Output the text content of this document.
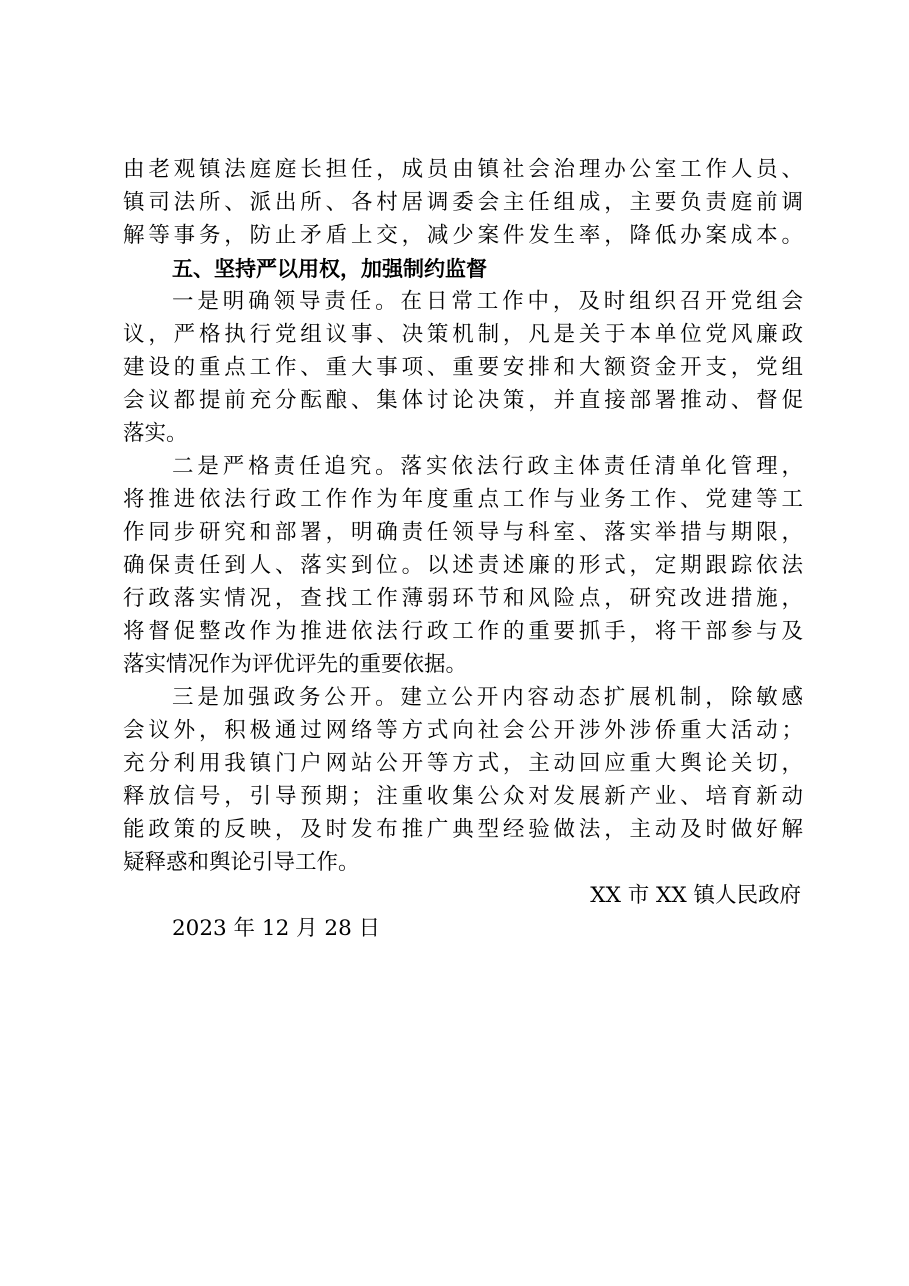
由老观镇法庭庭长担任，成员由镇社会治理办公室工作人员、
镇司法所、派出所、各村居调委会主任组成，主要负责庭前调
解等事务，防止矛盾上交，减少案件发生率，降低办案成本。
五、坚持严以用权，加强制约监督
一是明确领导责任。在日常工作中，及时组织召开党组会
议，严格执行党组议事、决策机制，凡是关于本单位党风廉政
建设的重点工作、重大事项、重要安排和大额资金开支，党组
会议都提前充分酝酿、集体讨论决策，并直接部署推动、督促
落实。
二是严格责任追究。落实依法行政主体责任清单化管理，
将推进依法行政工作作为年度重点工作与业务工作、党建等工
作同步研究和部署，明确责任领导与科室、落实举措与期限，
确保责任到人、落实到位。以述责述廉的形式，定期跟踪依法
行政落实情况，查找工作薄弱环节和风险点，研究改进措施，
将督促整改作为推进依法行政工作的重要抓手，将干部参与及
落实情况作为评优评先的重要依据。
三是加强政务公开。建立公开内容动态扩展机制，除敏感
会议外，积极通过网络等方式向社会公开涉外涉侨重大活动；
充分利用我镇门户网站公开等方式，主动回应重大舆论关切，
释放信号，引导预期；注重收集公众对发展新产业、培育新动
能政策的反映，及时发布推广典型经验做法，主动及时做好解
疑释惑和舆论引导工作。
XX 市 XX 镇人民政府
2023 年 12 月 28 日
